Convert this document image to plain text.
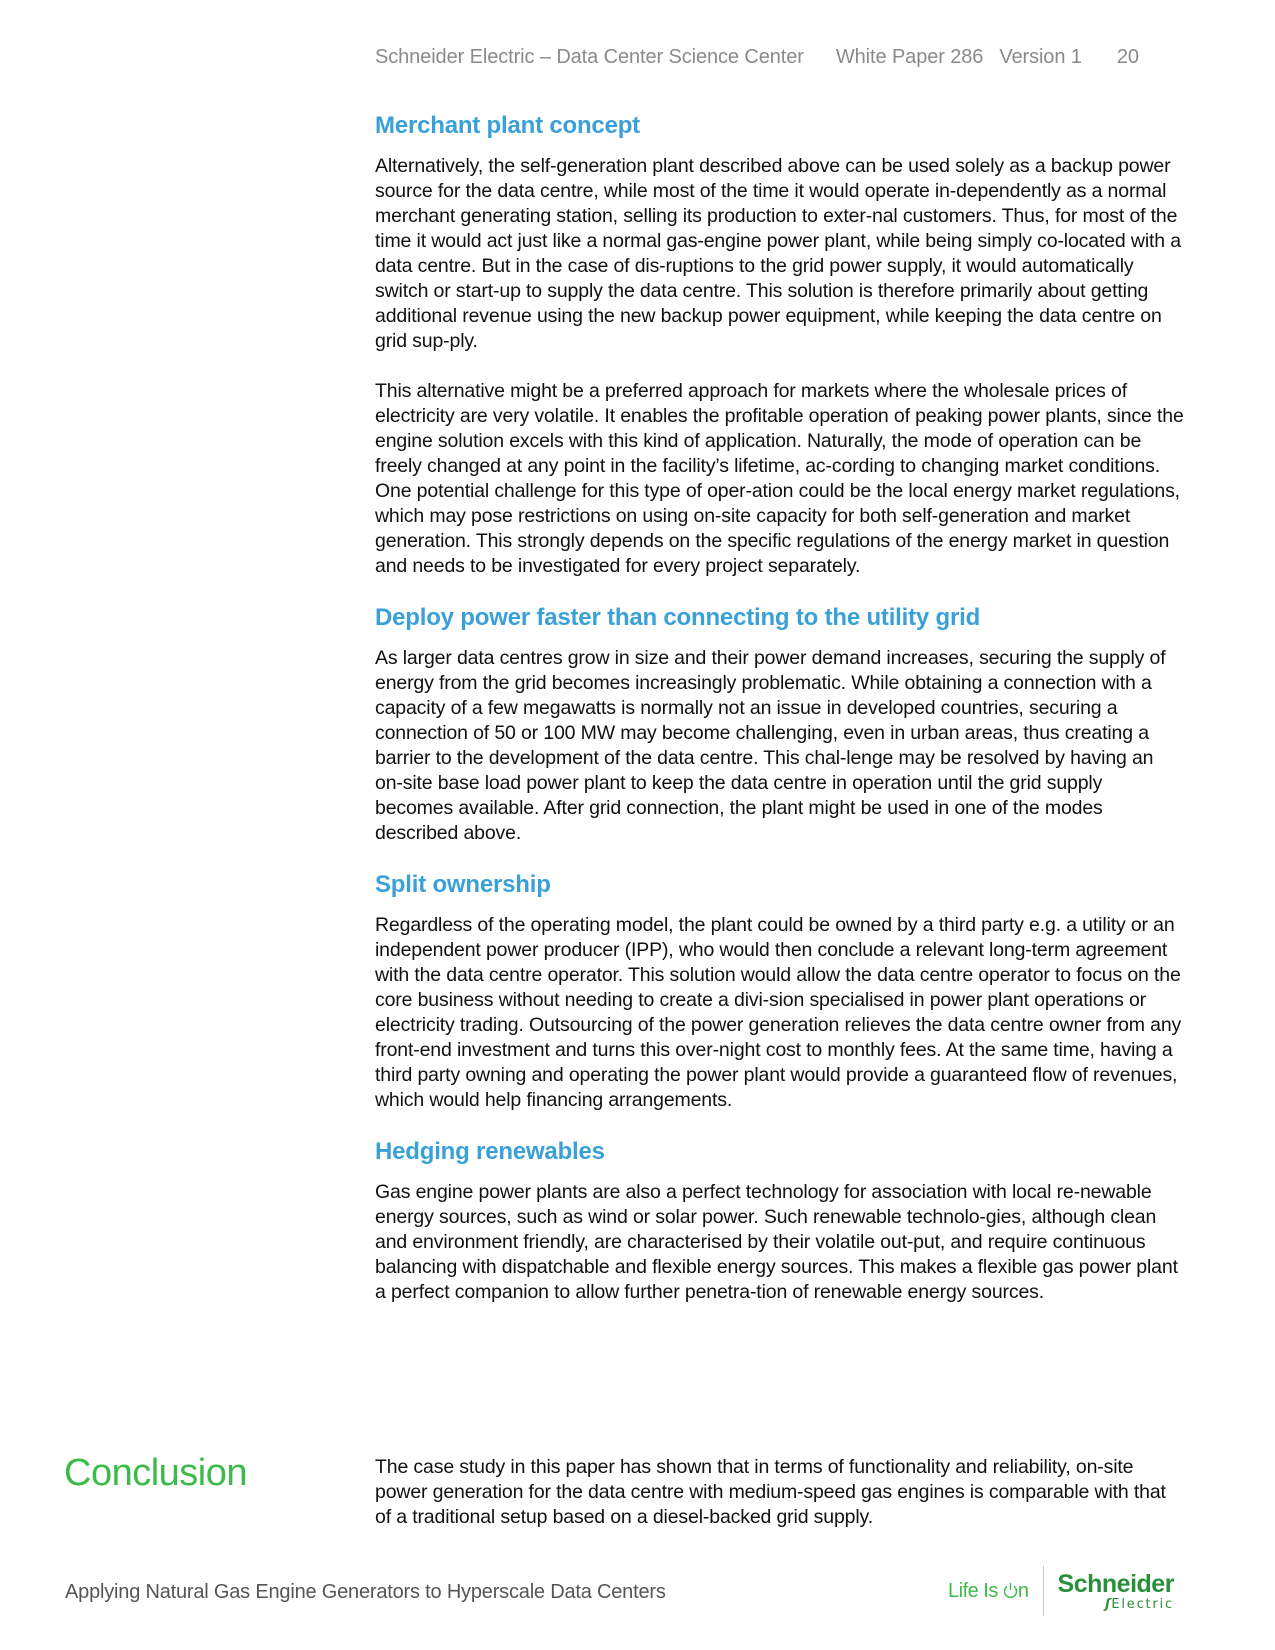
Schneider Electric – Data Center Science Center White Paper 286 Version 1 20
Merchant plant concept

Alternatively, the self-generation plant described above can be used solely as a backup power source for the data centre, while most of the time it would operate in-dependently as a normal merchant generating station, selling its production to exter-nal customers. Thus, for most of the time it would act just like a normal gas-engine power plant, while being simply co-located with a data centre. But in the case of dis-ruptions to the grid power supply, it would automatically switch or start-up to supply the data centre. This solution is therefore primarily about getting additional revenue using the new backup power equipment, while keeping the data centre on grid sup-ply.

This alternative might be a preferred approach for markets where the wholesale prices of electricity are very volatile. It enables the profitable operation of peaking power plants, since the engine solution excels with this kind of application. Naturally, the mode of operation can be freely changed at any point in the facility’s lifetime, ac-cording to changing market conditions. One potential challenge for this type of oper-ation could be the local energy market regulations, which may pose restrictions on using on-site capacity for both self-generation and market generation. This strongly depends on the specific regulations of the energy market in question and needs to be investigated for every project separately.

Deploy power faster than connecting to the utility grid

As larger data centres grow in size and their power demand increases, securing the supply of energy from the grid becomes increasingly problematic. While obtaining a connection with a capacity of a few megawatts is normally not an issue in developed countries, securing a connection of 50 or 100 MW may become challenging, even in urban areas, thus creating a barrier to the development of the data centre. This chal-lenge may be resolved by having an on-site base load power plant to keep the data centre in operation until the grid supply becomes available. After grid connection, the plant might be used in one of the modes described above.

Split ownership

Regardless of the operating model, the plant could be owned by a third party e.g. a utility or an independent power producer (IPP), who would then conclude a relevant long-term agreement with the data centre operator. This solution would allow the data centre operator to focus on the core business without needing to create a divi-sion specialised in power plant operations or electricity trading. Outsourcing of the power generation relieves the data centre owner from any front-end investment and turns this over-night cost to monthly fees. At the same time, having a third party owning and operating the power plant would provide a guaranteed flow of revenues, which would help financing arrangements.

Hedging renewables

Gas engine power plants are also a perfect technology for association with local re-newable energy sources, such as wind or solar power. Such renewable technolo-gies, although clean and environment friendly, are characterised by their volatile out-put, and require continuous balancing with dispatchable and flexible energy sources. This makes a flexible gas power plant a perfect companion to allow further penetra-tion of renewable energy sources.

Conclusion	The case study in this paper has shown that in terms of functionality and reliability, on-site power generation for the data centre with medium-speed gas engines is comparable with that of a traditional setup based on a diesel-backed grid supply.

Applying Natural Gas Engine Generators to Hyperscale Data Centers	Life Is n Schneider
ʃElectric
